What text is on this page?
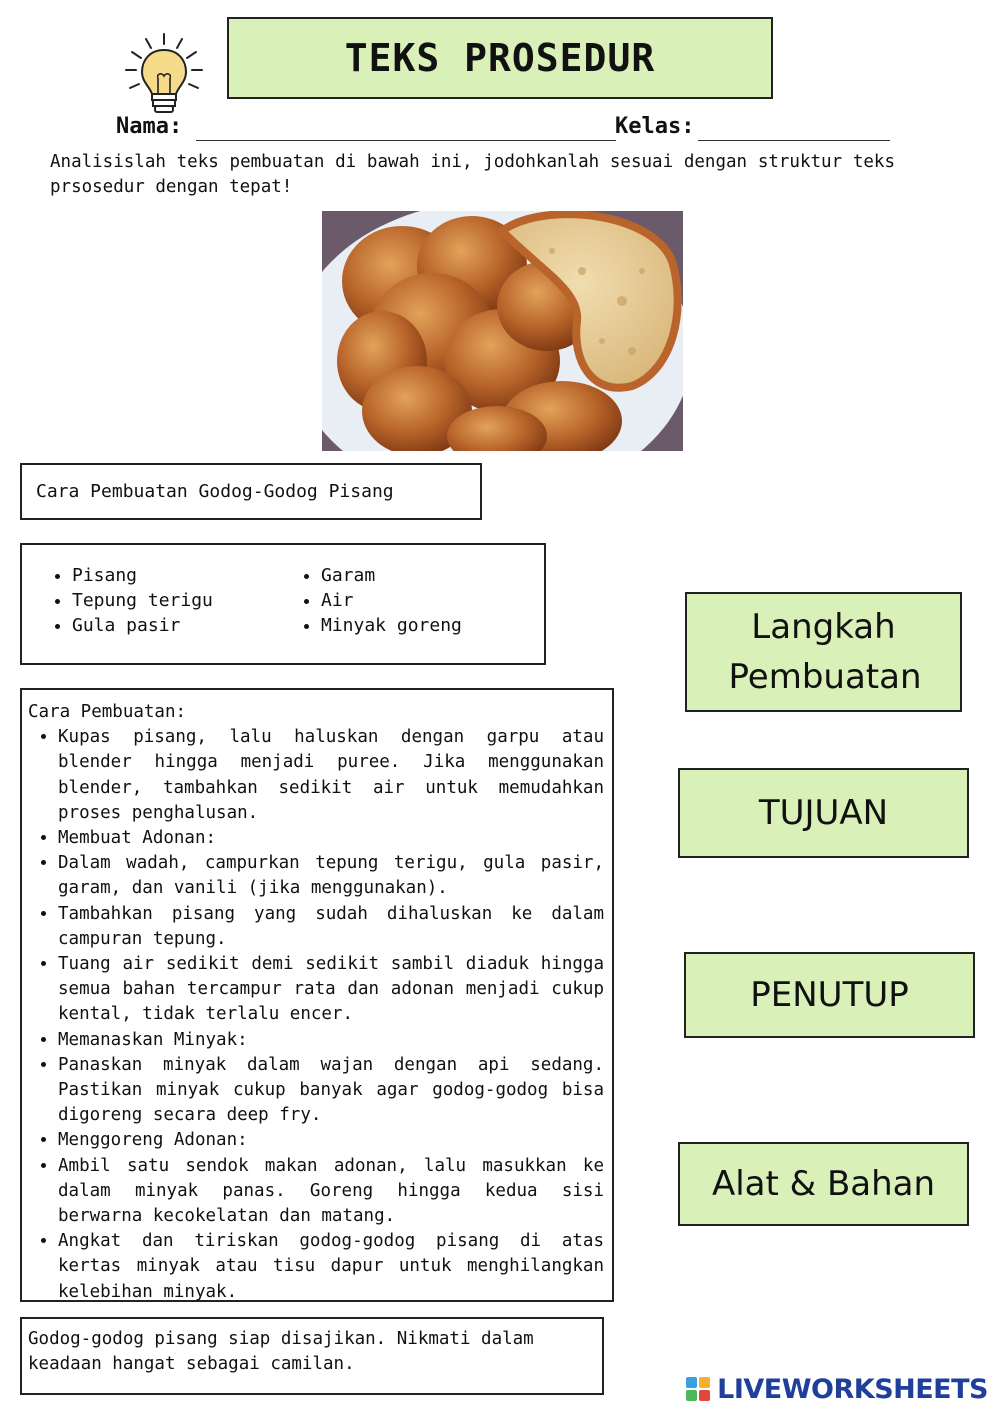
TEKS PROSEDUR
Nama:	Kelas:
Analisislah teks pembuatan di bawah ini, jodohkanlah sesuai dengan struktur teks prsosedur dengan tepat!
Cara Pembuatan Godog-Godog Pisang
• Pisang
• Tepung terigu
• Gula pasir
• Garam
• Air
• Minyak goreng
Cara Pembuatan:
• Kupas pisang, lalu haluskan dengan garpu atau blender hingga menjadi puree. Jika menggunakan blender, tambahkan sedikit air untuk memudahkan proses penghalusan.
• Membuat Adonan:
• Dalam wadah, campurkan tepung terigu, gula pasir, garam, dan vanili (jika menggunakan).
• Tambahkan pisang yang sudah dihaluskan ke dalam campuran tepung.
• Tuang air sedikit demi sedikit sambil diaduk hingga semua bahan tercampur rata dan adonan menjadi cukup kental, tidak terlalu encer.
• Memanaskan Minyak:
• Panaskan minyak dalam wajan dengan api sedang. Pastikan minyak cukup banyak agar godog-godog bisa digoreng secara deep fry.
• Menggoreng Adonan:
• Ambil satu sendok makan adonan, lalu masukkan ke dalam minyak panas. Goreng hingga kedua sisi berwarna kecokelatan dan matang.
• Angkat dan tiriskan godog-godog pisang di atas kertas minyak atau tisu dapur untuk menghilangkan kelebihan minyak.
Godog-godog pisang siap disajikan. Nikmati dalam keadaan hangat sebagai camilan.
Langkah Pembuatan
TUJUAN
PENUTUP
Alat & Bahan
LIVEWORKSHEETS
